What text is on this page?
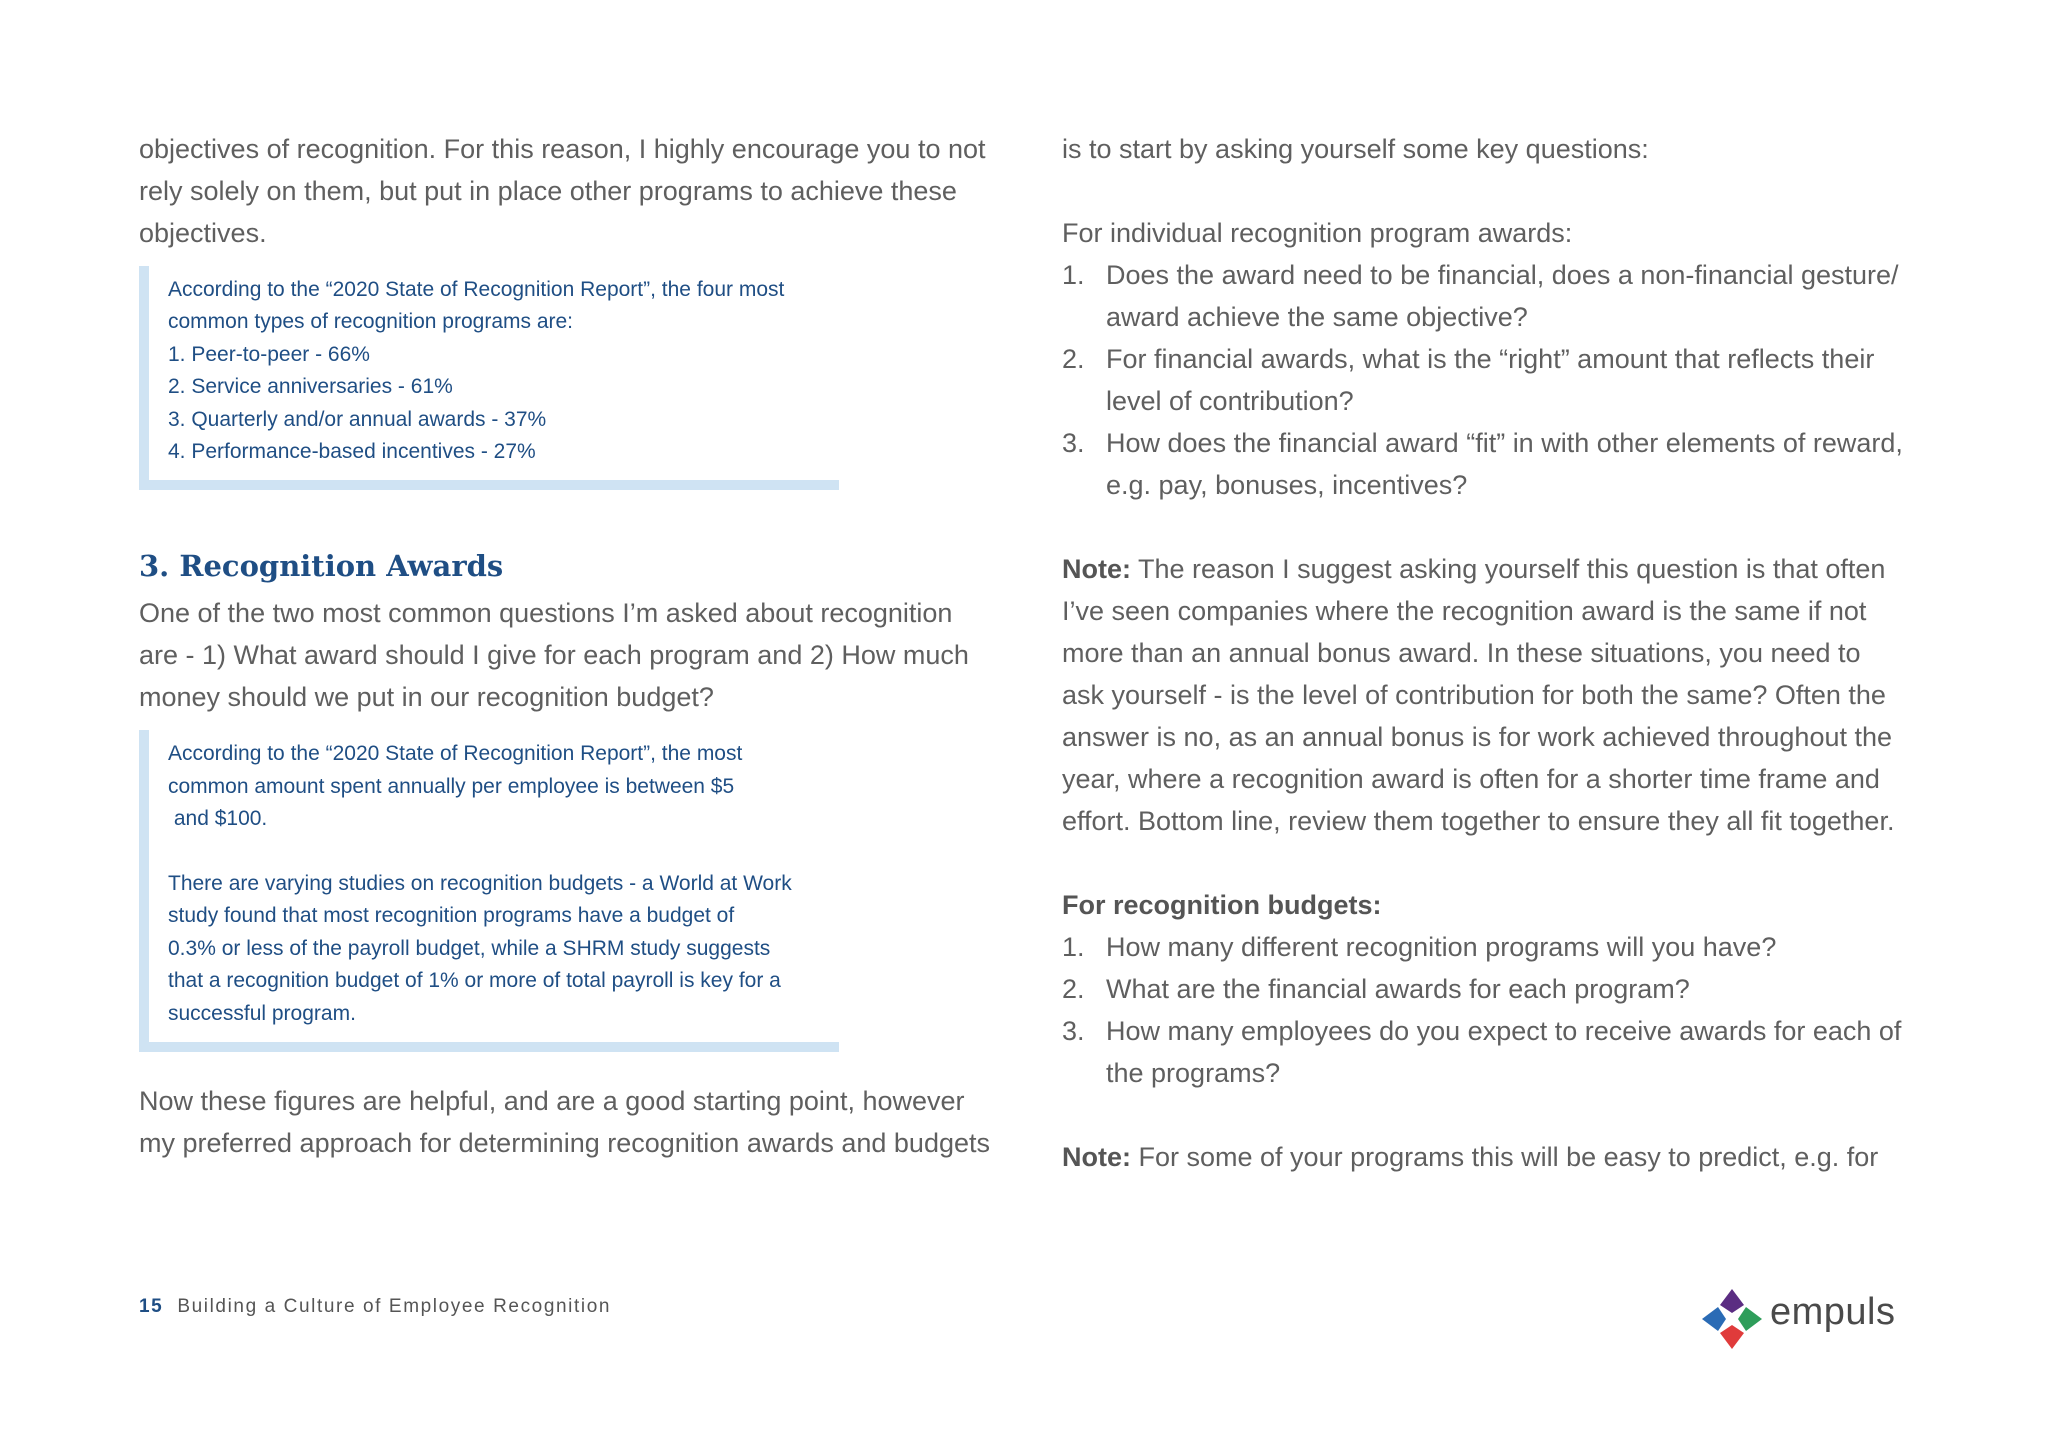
objectives of recognition. For this reason, I highly encourage you to not

rely solely on them, but put in place other programs to achieve these

objectives.

According to the “2020 State of Recognition Report”, the four most
common types of recognition programs are:
1. Peer-to-peer - 66%
2. Service anniversaries - 61%
3. Quarterly and/or annual awards - 37%
4. Performance-based incentives - 27%
3. Recognition Awards

One of the two most common questions I’m asked about recognition

are - 1) What award should I give for each program and 2) How much

money should we put in our recognition budget?

According to the “2020 State of Recognition Report”, the most
common amount spent annually per employee is between $5
and $100.
There are varying studies on recognition budgets - a World at Work
study found that most recognition programs have a budget of
0.3% or less of the payroll budget, while a SHRM study suggests
that a recognition budget of 1% or more of total payroll is key for a
successful program.

Now these figures are helpful, and are a good starting point, however

my preferred approach for determining recognition awards and budgets

is to start by asking yourself some key questions:

For individual recognition program awards:

1. Does the award need to be financial, does a non-financial gesture/

award achieve the same objective?

2. For financial awards, what is the “right” amount that reflects their

level of contribution?

3. How does the financial award “fit” in with other elements of reward,

e.g. pay, bonuses, incentives?

Note: The reason I suggest asking yourself this question is that often

I’ve seen companies where the recognition award is the same if not

more than an annual bonus award. In these situations, you need to

ask yourself - is the level of contribution for both the same? Often the

answer is no, as an annual bonus is for work achieved throughout the

year, where a recognition award is often for a shorter time frame and

effort. Bottom line, review them together to ensure they all fit together.

For recognition budgets:

1. How many different recognition programs will you have?

2. What are the financial awards for each program?

3. How many employees do you expect to receive awards for each of

the programs?

Note: For some of your programs this will be easy to predict, e.g. for

15 Building a Culture of Employee Recognition	empuls
